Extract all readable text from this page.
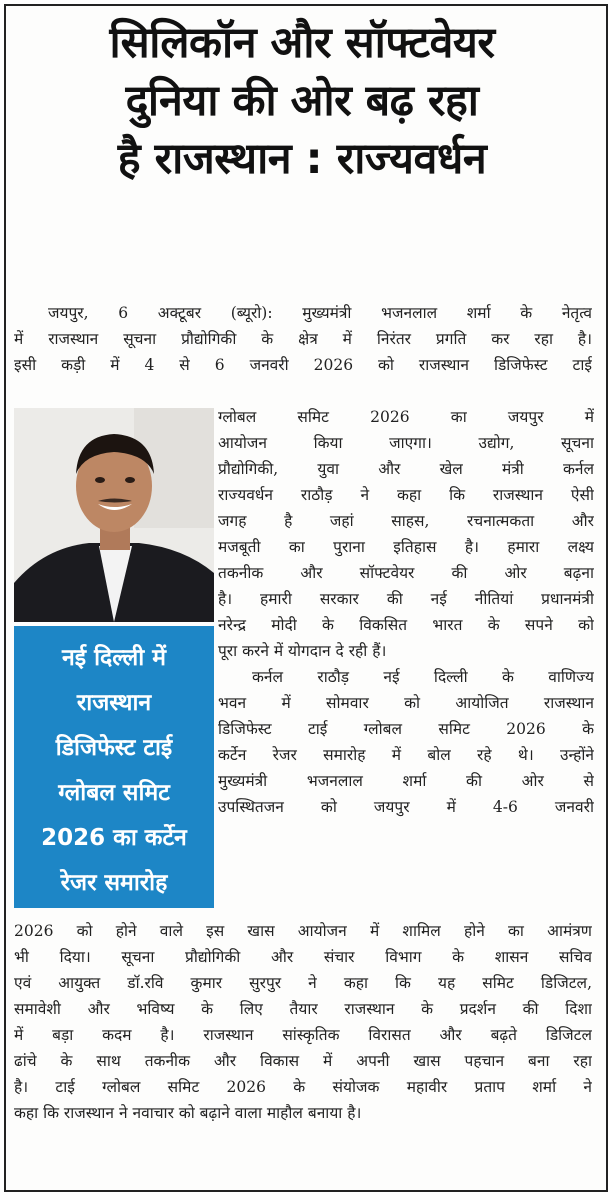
सिलिकॉन और सॉफ्टवेयर
दुनिया की ओर बढ़ रहा
है राजस्थान : राज्यवर्धन
जयपुर, 6 अक्टूबर (ब्यूरो): मुख्यमंत्री भजनलाल शर्मा के नेतृत्व
में राजस्थान सूचना प्रौद्योगिकी के क्षेत्र में निरंतर प्रगति कर रहा है।
इसी कड़ी में 4 से 6 जनवरी 2026 को राजस्थान डिजिफेस्ट टाई
नई दिल्ली में
राजस्थान
डिजिफेस्ट टाई
ग्लोबल समिट
2026 का कर्टेन
रेजर समारोह
ग्लोबल समिट 2026 का जयपुर में
आयोजन किया जाएगा। उद्योग, सूचना
प्रौद्योगिकी, युवा और खेल मंत्री कर्नल
राज्यवर्धन राठौड़ ने कहा कि राजस्थान ऐसी
जगह है जहां साहस, रचनात्मकता और
मजबूती का पुराना इतिहास है। हमारा लक्ष्य
तकनीक और सॉफ्टवेयर की ओर बढ़ना
है। हमारी सरकार की नई नीतियां प्रधानमंत्री
नरेन्द्र मोदी के विकसित भारत के सपने को
पूरा करने में योगदान दे रही हैं।
कर्नल राठौड़ नई दिल्ली के वाणिज्य
भवन में सोमवार को आयोजित राजस्थान
डिजिफेस्ट टाई ग्लोबल समिट 2026 के
कर्टेन रेजर समारोह में बोल रहे थे। उन्होंने
मुख्यमंत्री भजनलाल शर्मा की ओर से
उपस्थितजन को जयपुर में 4-6 जनवरी
2026 को होने वाले इस खास आयोजन में शामिल होने का आमंत्रण
भी दिया। सूचना प्रौद्योगिकी और संचार विभाग के शासन सचिव
एवं आयुक्त डॉ.रवि कुमार सुरपुर ने कहा कि यह समिट डिजिटल,
समावेशी और भविष्य के लिए तैयार राजस्थान के प्रदर्शन की दिशा
में बड़ा कदम है। राजस्थान सांस्कृतिक विरासत और बढ़ते डिजिटल
ढांचे के साथ तकनीक और विकास में अपनी खास पहचान बना रहा
है। टाई ग्लोबल समिट 2026 के संयोजक महावीर प्रताप शर्मा ने
कहा कि राजस्थान ने नवाचार को बढ़ाने वाला माहौल बनाया है।
